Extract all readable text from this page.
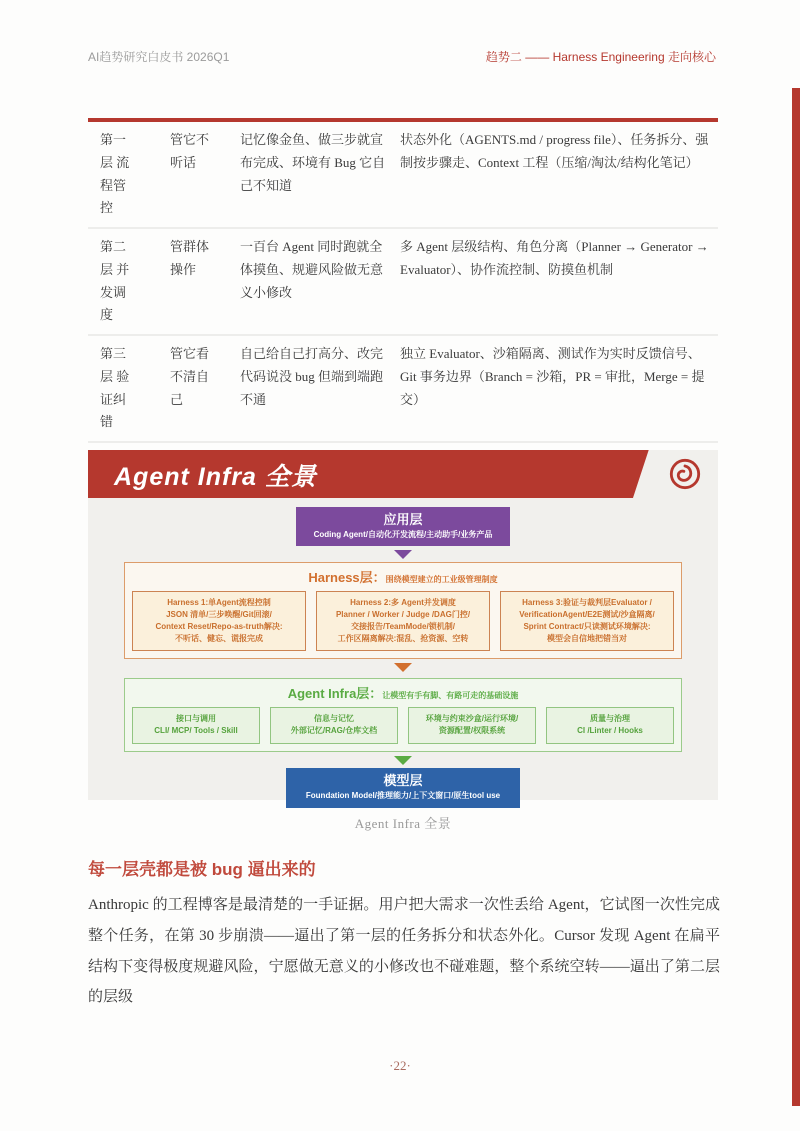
AI趋势研究白皮书 2026Q1	趋势二 —— Harness Engineering 走向核心
第一层 流程管控
管它不听话
记忆像金鱼、做三步就宣布完成、环境有 Bug 它自己不知道
状态外化（AGENTS.md / progress file）、任务拆分、强制按步骤走、Context 工程（压缩/淘汰/结构化笔记）
第二层 并发调度
管群体操作
一百台 Agent 同时跑就全体摸鱼、规避风险做无意义小修改
多 Agent 层级结构、角色分离（Planner → Generator → Evaluator）、协作流控制、防摸鱼机制
第三层 验证纠错
管它看不清自己
自己给自己打高分、改完代码说没 bug 但端到端跑不通
独立 Evaluator、沙箱隔离、测试作为实时反馈信号、Git 事务边界（Branch = 沙箱，PR = 审批，Merge = 提交）
Agent Infra 全景
应用层
Coding Agent/自动化开发流程/主动助手/业务产品
Harness层：围绕模型建立的工业级管理制度
Harness 1:单Agent流程控制
JSON 清单/三步唤醒/Git回滚/
Context Reset/Repo-as-truth解决:
不听话、健忘、谎报完成
Harness 2:多 Agent并发调度
Planner / Worker / Judge /DAG门控/
交接报告/TeamMode/锁机制/
工作区隔离解决:混乱、抢资源、空转
Harness 3:验证与裁判层Evaluator /
VerificationAgent/E2E测试/沙盒隔离/
Sprint Contract/只读测试环境解决:
模型会自信地把错当对
Agent Infra层：让模型有手有脚、有路可走的基础设施
接口与调用
CLI/ MCP/ Tools / Skill
信息与记忆
外部记忆/RAG/仓库文档
环境与约束沙盒/运行环境/
资源配置/权限系统
质量与治理
CI /Linter / Hooks
模型层
Foundation Model/推理能力/上下文窗口/原生tool use
Agent Infra 全景
每一层壳都是被 bug 逼出来的

Anthropic 的工程博客是最清楚的一手证据。用户把大需求一次性丢给 Agent，它试图一次性完成整个任务，在第 30 步崩溃——逼出了第一层的任务拆分和状态外化。Cursor 发现 Agent 在扁平结构下变得极度规避风险，宁愿做无意义的小修改也不碰难题，整个系统空转——逼出了第二层的层级

·22·
